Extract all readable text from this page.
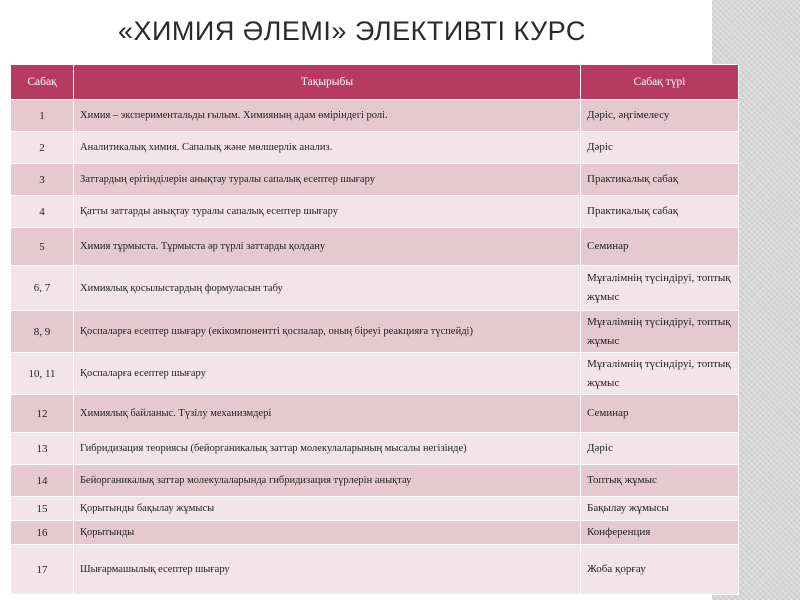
«ХИМИЯ ӘЛЕМІ» ЭЛЕКТИВТІ КУРС
Сабақ	Тақырыбы	Сабақ түрі
1	Химия – экспериментальды ғылым. Химияның адам өміріндегі ролі.	Дәріс, әңгімелесу
2	Аналитикалық химия. Сапалық және мөлшерлік анализ.	Дәріс
3	Заттардың ерітінділерін анықтау туралы сапалық есептер шығару	Практикалық сабақ
4	Қатты заттарды анықтау туралы сапалық есептер шығару	Практикалық сабақ
5	Химия тұрмыста. Тұрмыста әр түрлі заттарды қолдану	Семинар
6, 7	Химиялық қосылыстардың формуласын табу	Мұғалімнің түсіндіруі, топтық жұмыс
8, 9	Қоспаларға есептер шығару (екікомпонентті қоспалар, оның біреуі реакцияға түспейді)	Мұғалімнің түсіндіруі, топтық жұмыс
10, 11	Қоспаларға есептер шығару	Мұғалімнің түсіндіруі, топтық жұмыс
12	Химиялық байланыс. Түзілу механизмдері	Семинар
13	Гибридизация теориясы (бейорганикалық заттар молекулаларының мысалы негізінде)	Дәріс
14	Бейорганикалық заттар молекулаларында гибридизация түрлерін анықтау	Топтық жұмыс
15	Қорытынды бақылау жұмысы	Бақылау жұмысы
16	Қорытынды	Конференция
17	Шығармашылық есептер шығару	Жоба қорғау
